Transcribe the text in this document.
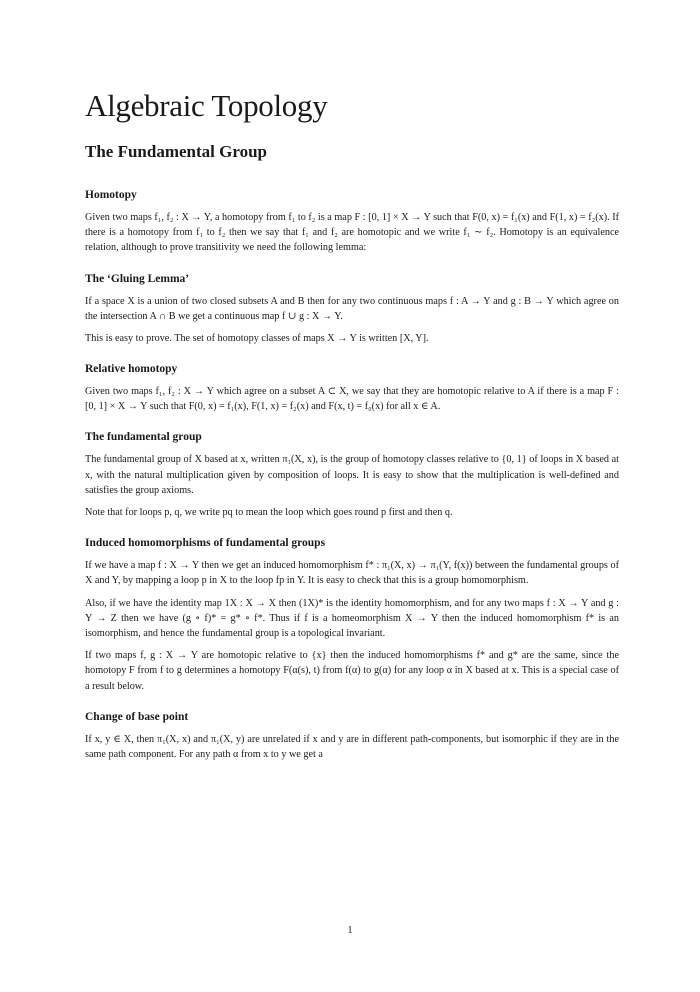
Algebraic Topology
The Fundamental Group
Homotopy

Given two maps f₁, f₂ : X → Y, a homotopy from f₁ to f₂ is a map F : [0, 1] × X → Y such that F(0, x) = f₁(x) and F(1, x) = f₂(x). If there is a homotopy from f₁ to f₂ then we say that f₁ and f₂ are homotopic and we write f₁ ∼ f₂. Homotopy is an equivalence relation, although to prove transitivity we need the following lemma:

The ‘Gluing Lemma’

If a space X is a union of two closed subsets A and B then for any two continuous maps f : A → Y and g : B → Y which agree on the intersection A ∩ B we get a continuous map f ∪ g : X → Y.

This is easy to prove. The set of homotopy classes of maps X → Y is written [X, Y].

Relative homotopy

Given two maps f₁, f₂ : X → Y which agree on a subset A ⊂ X, we say that they are homotopic relative to A if there is a map F : [0, 1] × X → Y such that F(0, x) = f₁(x), F(1, x) = f₂(x) and F(x, t) = f₀(x) for all x ∈ A.

The fundamental group

The fundamental group of X based at x, written π₁(X, x), is the group of homotopy classes relative to {0, 1} of loops in X based at x, with the natural multiplication given by composition of loops. It is easy to show that the multiplication is well-defined and satisfies the group axioms.

Note that for loops p, q, we write pq to mean the loop which goes round p first and then q.

Induced homomorphisms of fundamental groups

If we have a map f : X → Y then we get an induced homomorphism f* : π₁(X, x) → π₁(Y, f(x)) between the fundamental groups of X and Y, by mapping a loop p in X to the loop fp in Y. It is easy to check that this is a group homomorphism.

Also, if we have the identity map 1X : X → X then (1X)* is the identity homomorphism, and for any two maps f : X → Y and g : Y → Z then we have (g ∘ f)* = g* ∘ f*. Thus if f is a homeomorphism X → Y then the induced homomorphism f* is an isomorphism, and hence the fundamental group is a topological invariant.

If two maps f, g : X → Y are homotopic relative to {x} then the induced homomorphisms f* and g* are the same, since the homotopy F from f to g determines a homotopy F(α(s), t) from f(α) to g(α) for any loop α in X based at x. This is a special case of a result below.

Change of base point

If x, y ∈ X, then π₁(X, x) and π₁(X, y) are unrelated if x and y are in different path-components, but isomorphic if they are in the same path component. For any path α from x to y we get a

1
